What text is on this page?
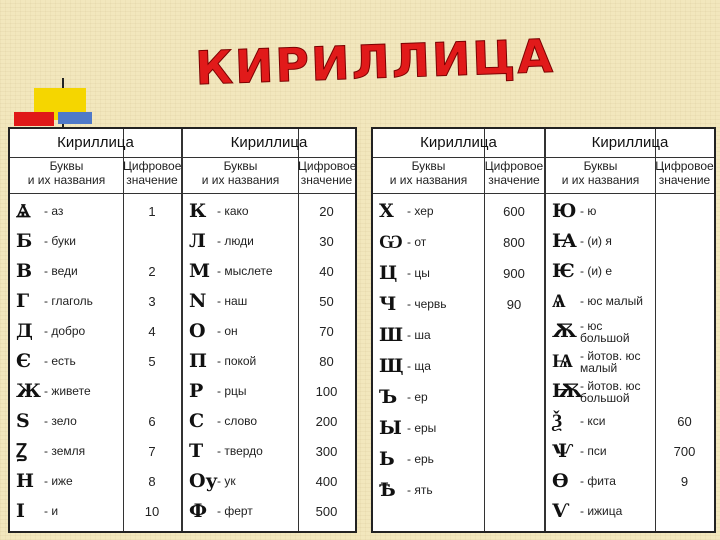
КИРИЛЛИЦА
Кириллица	Кириллица
Буквы
и их названия
Цифровое
значение
Буквы
и их названия
Цифровое
значение
Ⱑ - аз	1
Б - буки
В - веди	2
Г - глаголь	3
Д - добро	4
Є - есть	5
Ж - живете
Ѕ - зело	6
Ꙁ - земля	7
Н - иже	8
І - и	10
К - како	20
Л - люди	30
М - мыслете	40
N - наш	50
О - он	70
П - покой	80
Р - рцы	100
С - слово	200
Т - твердо	300
Оу - ук	400
Ф - ферт	500
Кириллица	Кириллица
Буквы
и их названия
Цифровое
значение
Буквы
и их названия
Цифровое
значение
Х - хер	600
Ѡ - от	800
Ц - цы	900
Ч - червь	90
Ш - ша
Щ - ща
Ъ - ер
Ы - еры
Ь - ерь
Ѣ - ять
Ю - ю
Ꙗ - (и) я
Ѥ - (и) е
Ѧ - юс малый
Ѫ - юс
большой
Ѩ - йотов. юс
малый
Ѭ
- йотов. юс
большой
Ѯ - кси	60
Ѱ - пси	700
Ѳ - фита	9
Ѵ - ижица
